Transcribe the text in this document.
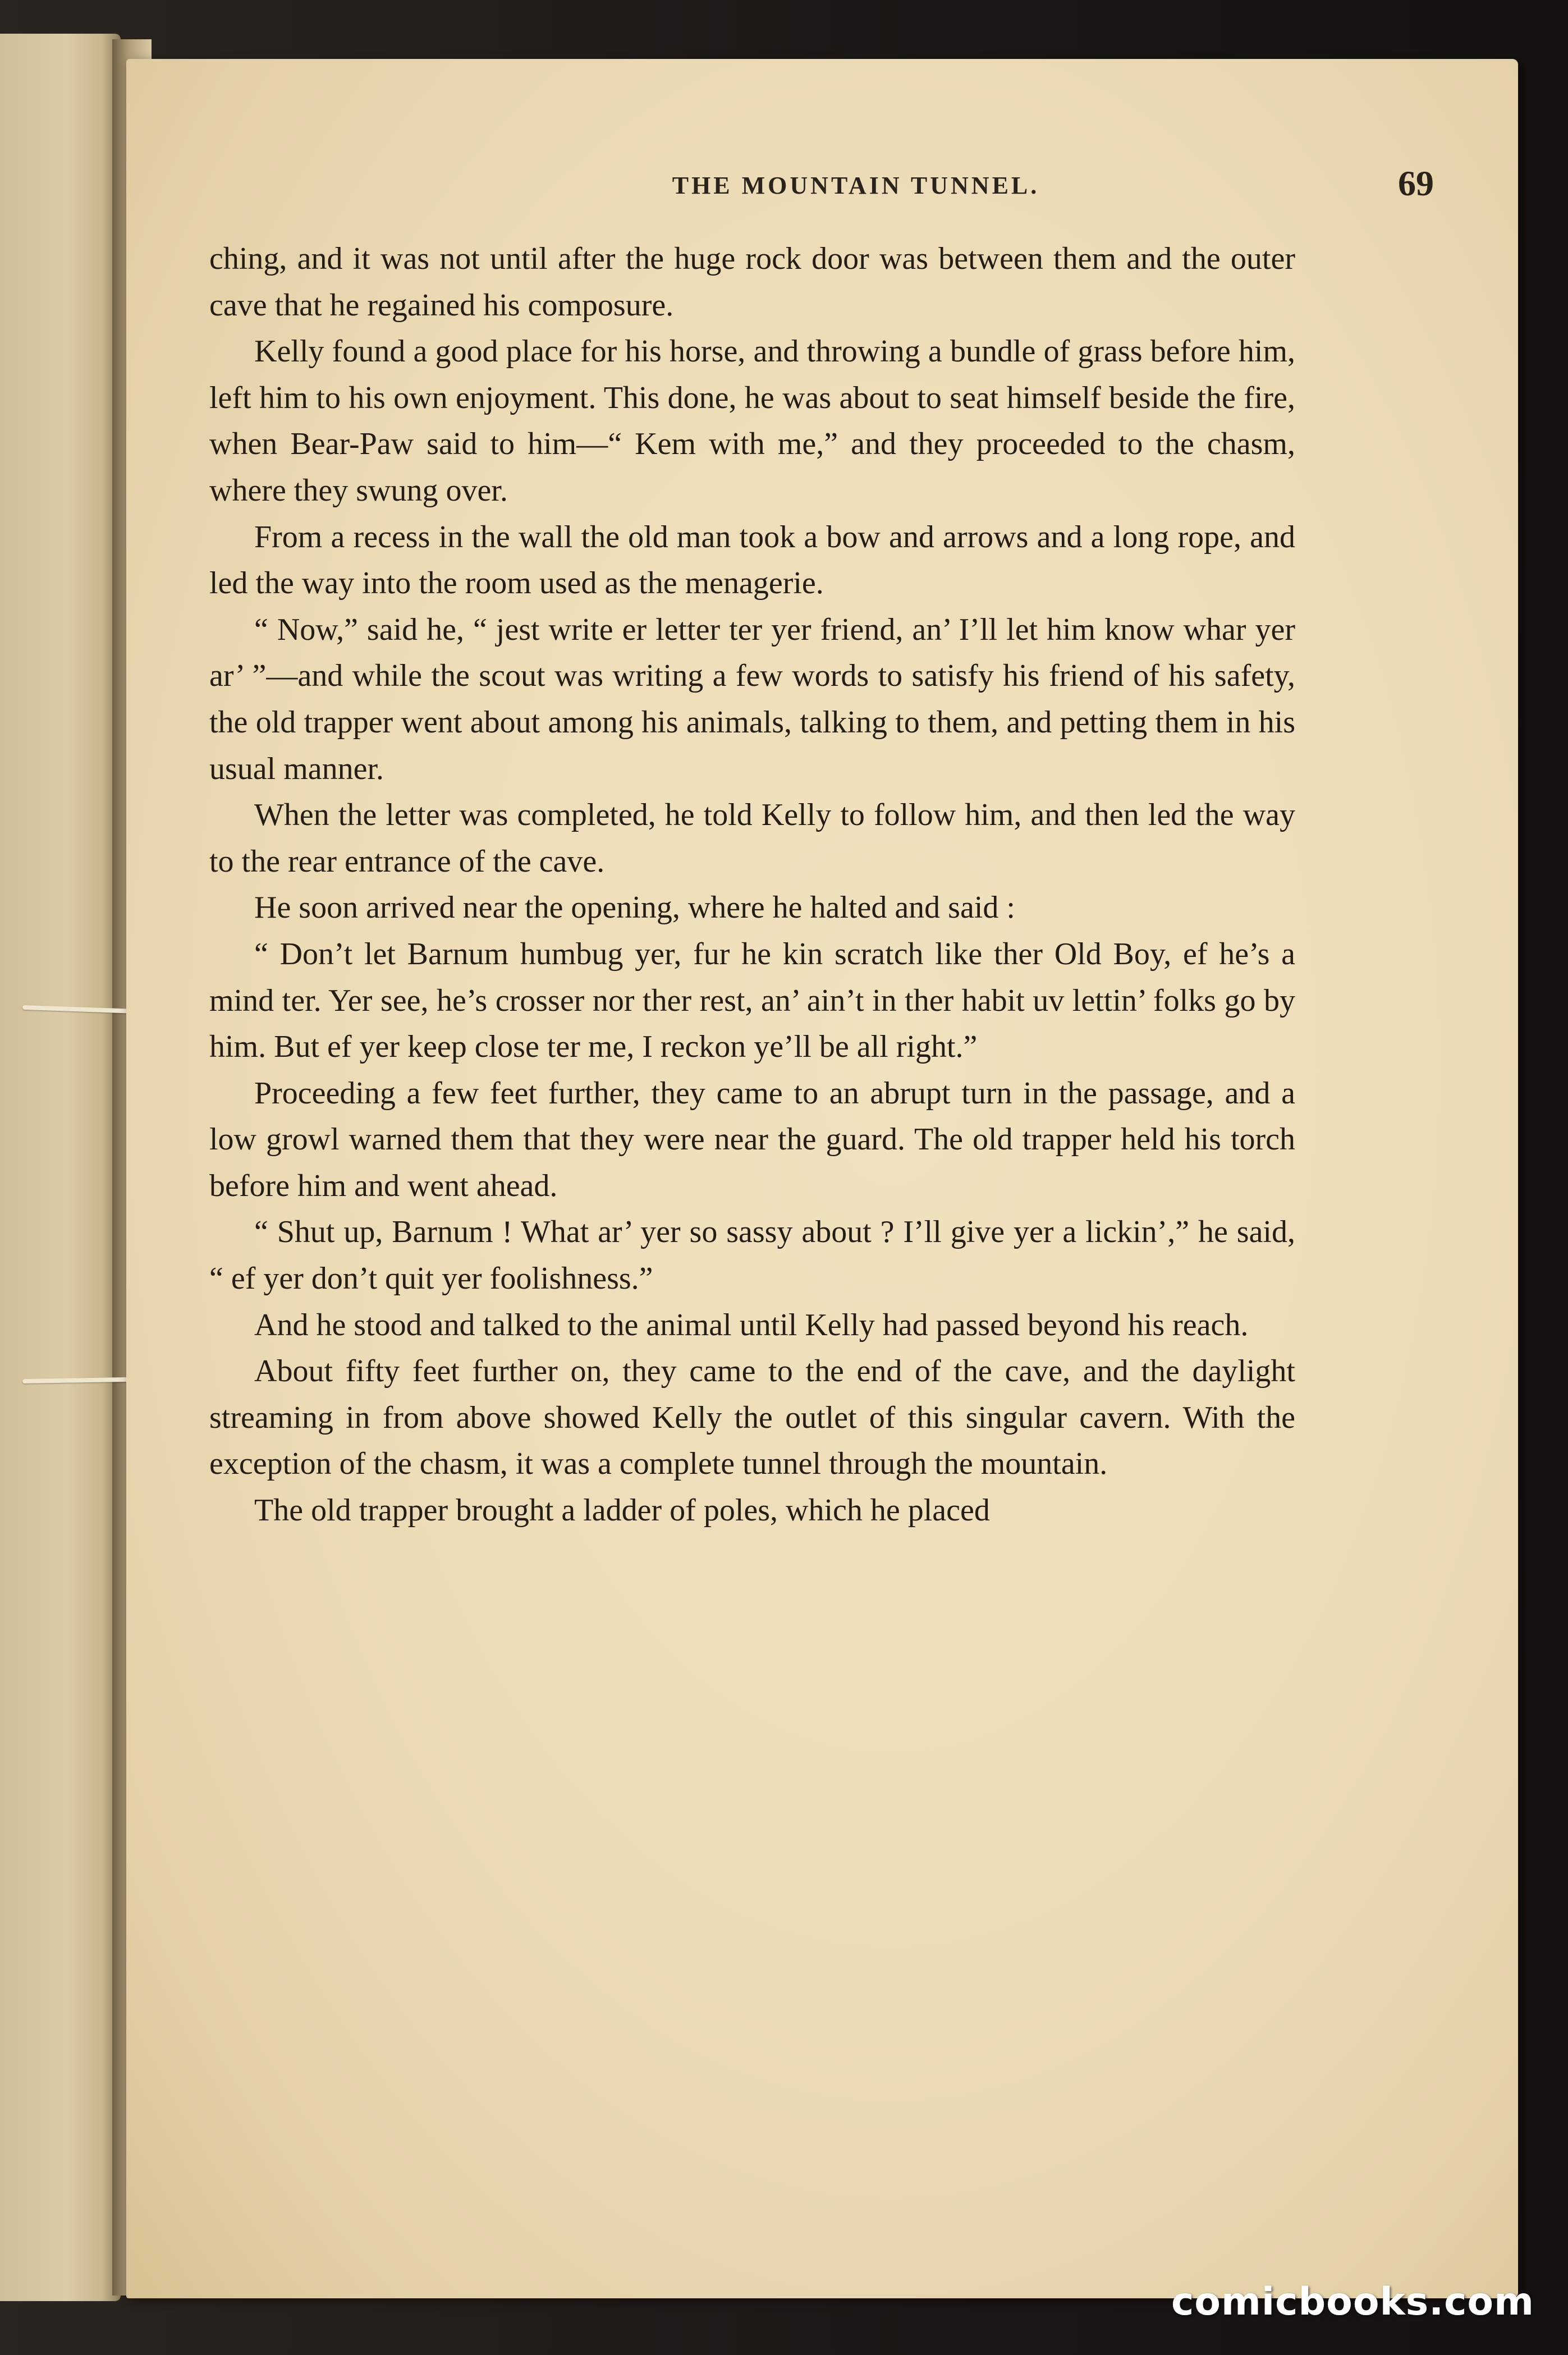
THE MOUNTAIN TUNNEL.	69

ching, and it was not until after the huge rock door was between them and the outer cave that he regained his composure.

Kelly found a good place for his horse, and throwing a bundle of grass before him, left him to his own enjoyment. This done, he was about to seat himself beside the fire, when Bear-Paw said to him—“ Kem with me,” and they proceeded to the chasm, where they swung over.

From a recess in the wall the old man took a bow and arrows and a long rope, and led the way into the room used as the menagerie.

“ Now,” said he, “ jest write er letter ter yer friend, an’ I’ll let him know whar yer ar’ ”—and while the scout was writing a few words to satisfy his friend of his safety, the old trapper went about among his animals, talking to them, and petting them in his usual manner.

When the letter was completed, he told Kelly to follow him, and then led the way to the rear entrance of the cave.

He soon arrived near the opening, where he halted and said :

“ Don’t let Barnum humbug yer, fur he kin scratch like ther Old Boy, ef he’s a mind ter. Yer see, he’s crosser nor ther rest, an’ ain’t in ther habit uv lettin’ folks go by him. But ef yer keep close ter me, I reckon ye’ll be all right.”

Proceeding a few feet further, they came to an abrupt turn in the passage, and a low growl warned them that they were near the guard. The old trapper held his torch before him and went ahead.

“ Shut up, Barnum ! What ar’ yer so sassy about ? I’ll give yer a lickin’,” he said, “ ef yer don’t quit yer foolishness.”

And he stood and talked to the animal until Kelly had passed beyond his reach.

About fifty feet further on, they came to the end of the cave, and the daylight streaming in from above showed Kelly the outlet of this singular cavern. With the exception of the chasm, it was a complete tunnel through the mountain.

The old trapper brought a ladder of poles, which he placed

comicbooks.com
